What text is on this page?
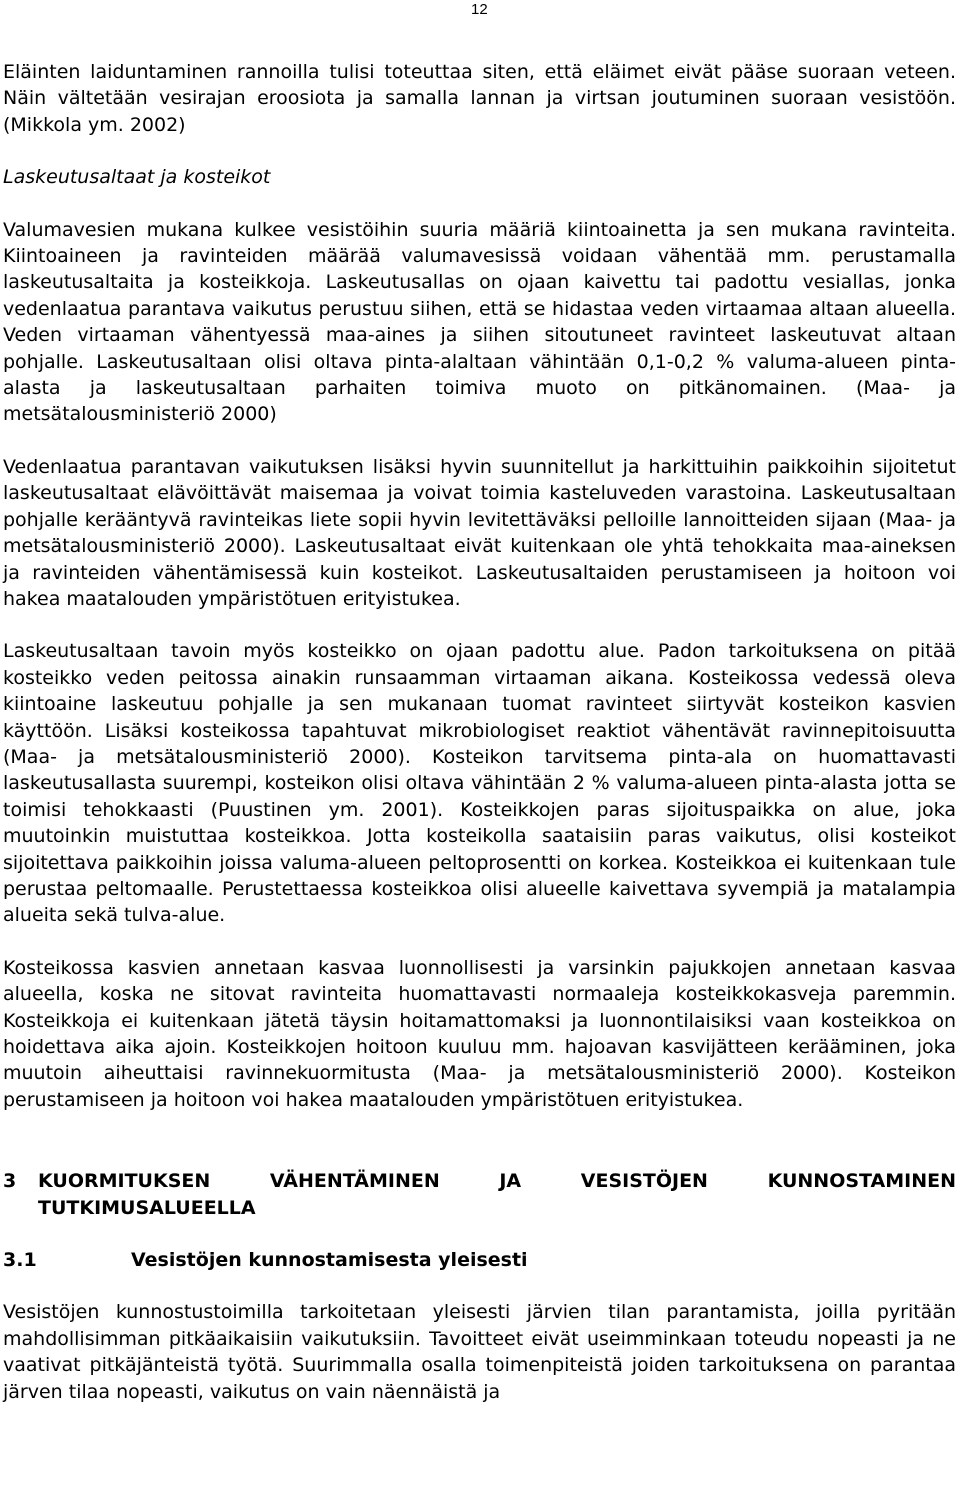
12

Eläinten laiduntaminen rannoilla tulisi toteuttaa siten, että eläimet eivät pääse suoraan veteen. Näin vältetään vesirajan eroosiota ja samalla lannan ja virtsan joutuminen suoraan vesistöön. (Mikkola ym. 2002)

Laskeutusaltaat ja kosteikot

Valumavesien mukana kulkee vesistöihin suuria määriä kiintoainetta ja sen mukana ravinteita. Kiintoaineen ja ravinteiden määrää valumavesissä voidaan vähentää mm. perustamalla laskeutusaltaita ja kosteikkoja. Laskeutusallas on ojaan kaivettu tai padottu vesiallas, jonka vedenlaatua parantava vaikutus perustuu siihen, että se hidastaa veden virtaamaa altaan alueella. Veden virtaaman vähentyessä maa-aines ja siihen sitoutuneet ravinteet laskeutuvat altaan pohjalle. Laskeutusaltaan olisi oltava pinta-alaltaan vähintään 0,1-0,2 % valuma-alueen pinta-alasta ja laskeutusaltaan parhaiten toimiva muoto on pitkänomainen. (Maa- ja metsätalousministeriö 2000)

Vedenlaatua parantavan vaikutuksen lisäksi hyvin suunnitellut ja harkittuihin paikkoihin sijoitetut laskeutusaltaat elävöittävät maisemaa ja voivat toimia kasteluveden varastoina. Laskeutusaltaan pohjalle kerääntyvä ravinteikas liete sopii hyvin levitettäväksi pelloille lannoitteiden sijaan (Maa- ja metsätalousministeriö 2000). Laskeutusaltaat eivät kuitenkaan ole yhtä tehokkaita maa-aineksen ja ravinteiden vähentämisessä kuin kosteikot. Laskeutusaltaiden perustamiseen ja hoitoon voi hakea maatalouden ympäristötuen erityistukea.

Laskeutusaltaan tavoin myös kosteikko on ojaan padottu alue. Padon tarkoituksena on pitää kosteikko veden peitossa ainakin runsaamman virtaaman aikana. Kosteikossa vedessä oleva kiintoaine laskeutuu pohjalle ja sen mukanaan tuomat ravinteet siirtyvät kosteikon kasvien käyttöön. Lisäksi kosteikossa tapahtuvat mikrobiologiset reaktiot vähentävät ravinnepitoisuutta (Maa- ja metsätalousministeriö 2000). Kosteikon tarvitsema pinta-ala on huomattavasti laskeutusallasta suurempi, kosteikon olisi oltava vähintään 2 % valuma-alueen pinta-alasta jotta se toimisi tehokkaasti (Puustinen ym. 2001). Kosteikkojen paras sijoituspaikka on alue, joka muutoinkin muistuttaa kosteikkoa. Jotta kosteikolla saataisiin paras vaikutus, olisi kosteikot sijoitettava paikkoihin joissa valuma-alueen peltoprosentti on korkea. Kosteikkoa ei kuitenkaan tule perustaa peltomaalle. Perustettaessa kosteikkoa olisi alueelle kaivettava syvempiä ja matalampia alueita sekä tulva-alue.

Kosteikossa kasvien annetaan kasvaa luonnollisesti ja varsinkin pajukkojen annetaan kasvaa alueella, koska ne sitovat ravinteita huomattavasti normaaleja kosteikkokasveja paremmin. Kosteikkoja ei kuitenkaan jätetä täysin hoitamattomaksi ja luonnontilaisiksi vaan kosteikkoa on hoidettava aika ajoin. Kosteikkojen hoitoon kuuluu mm. hajoavan kasvijätteen kerääminen, joka muutoin aiheuttaisi ravinnekuormitusta (Maa- ja metsätalousministeriö 2000). Kosteikon perustamiseen ja hoitoon voi hakea maatalouden ympäristötuen erityistukea.

3	KUORMITUKSEN VÄHENTÄMINEN JA VESISTÖJEN KUNNOSTAMINEN TUTKIMUSALUEELLA
3.1	Vesistöjen kunnostamisesta yleisesti

Vesistöjen kunnostustoimilla tarkoitetaan yleisesti järvien tilan parantamista, joilla pyritään mahdollisimman pitkäaikaisiin vaikutuksiin. Tavoitteet eivät useimminkaan toteudu nopeasti ja ne vaativat pitkäjänteistä työtä. Suurimmalla osalla toimenpiteistä joiden tarkoituksena on parantaa järven tilaa nopeasti, vaikutus on vain näennäistä ja
